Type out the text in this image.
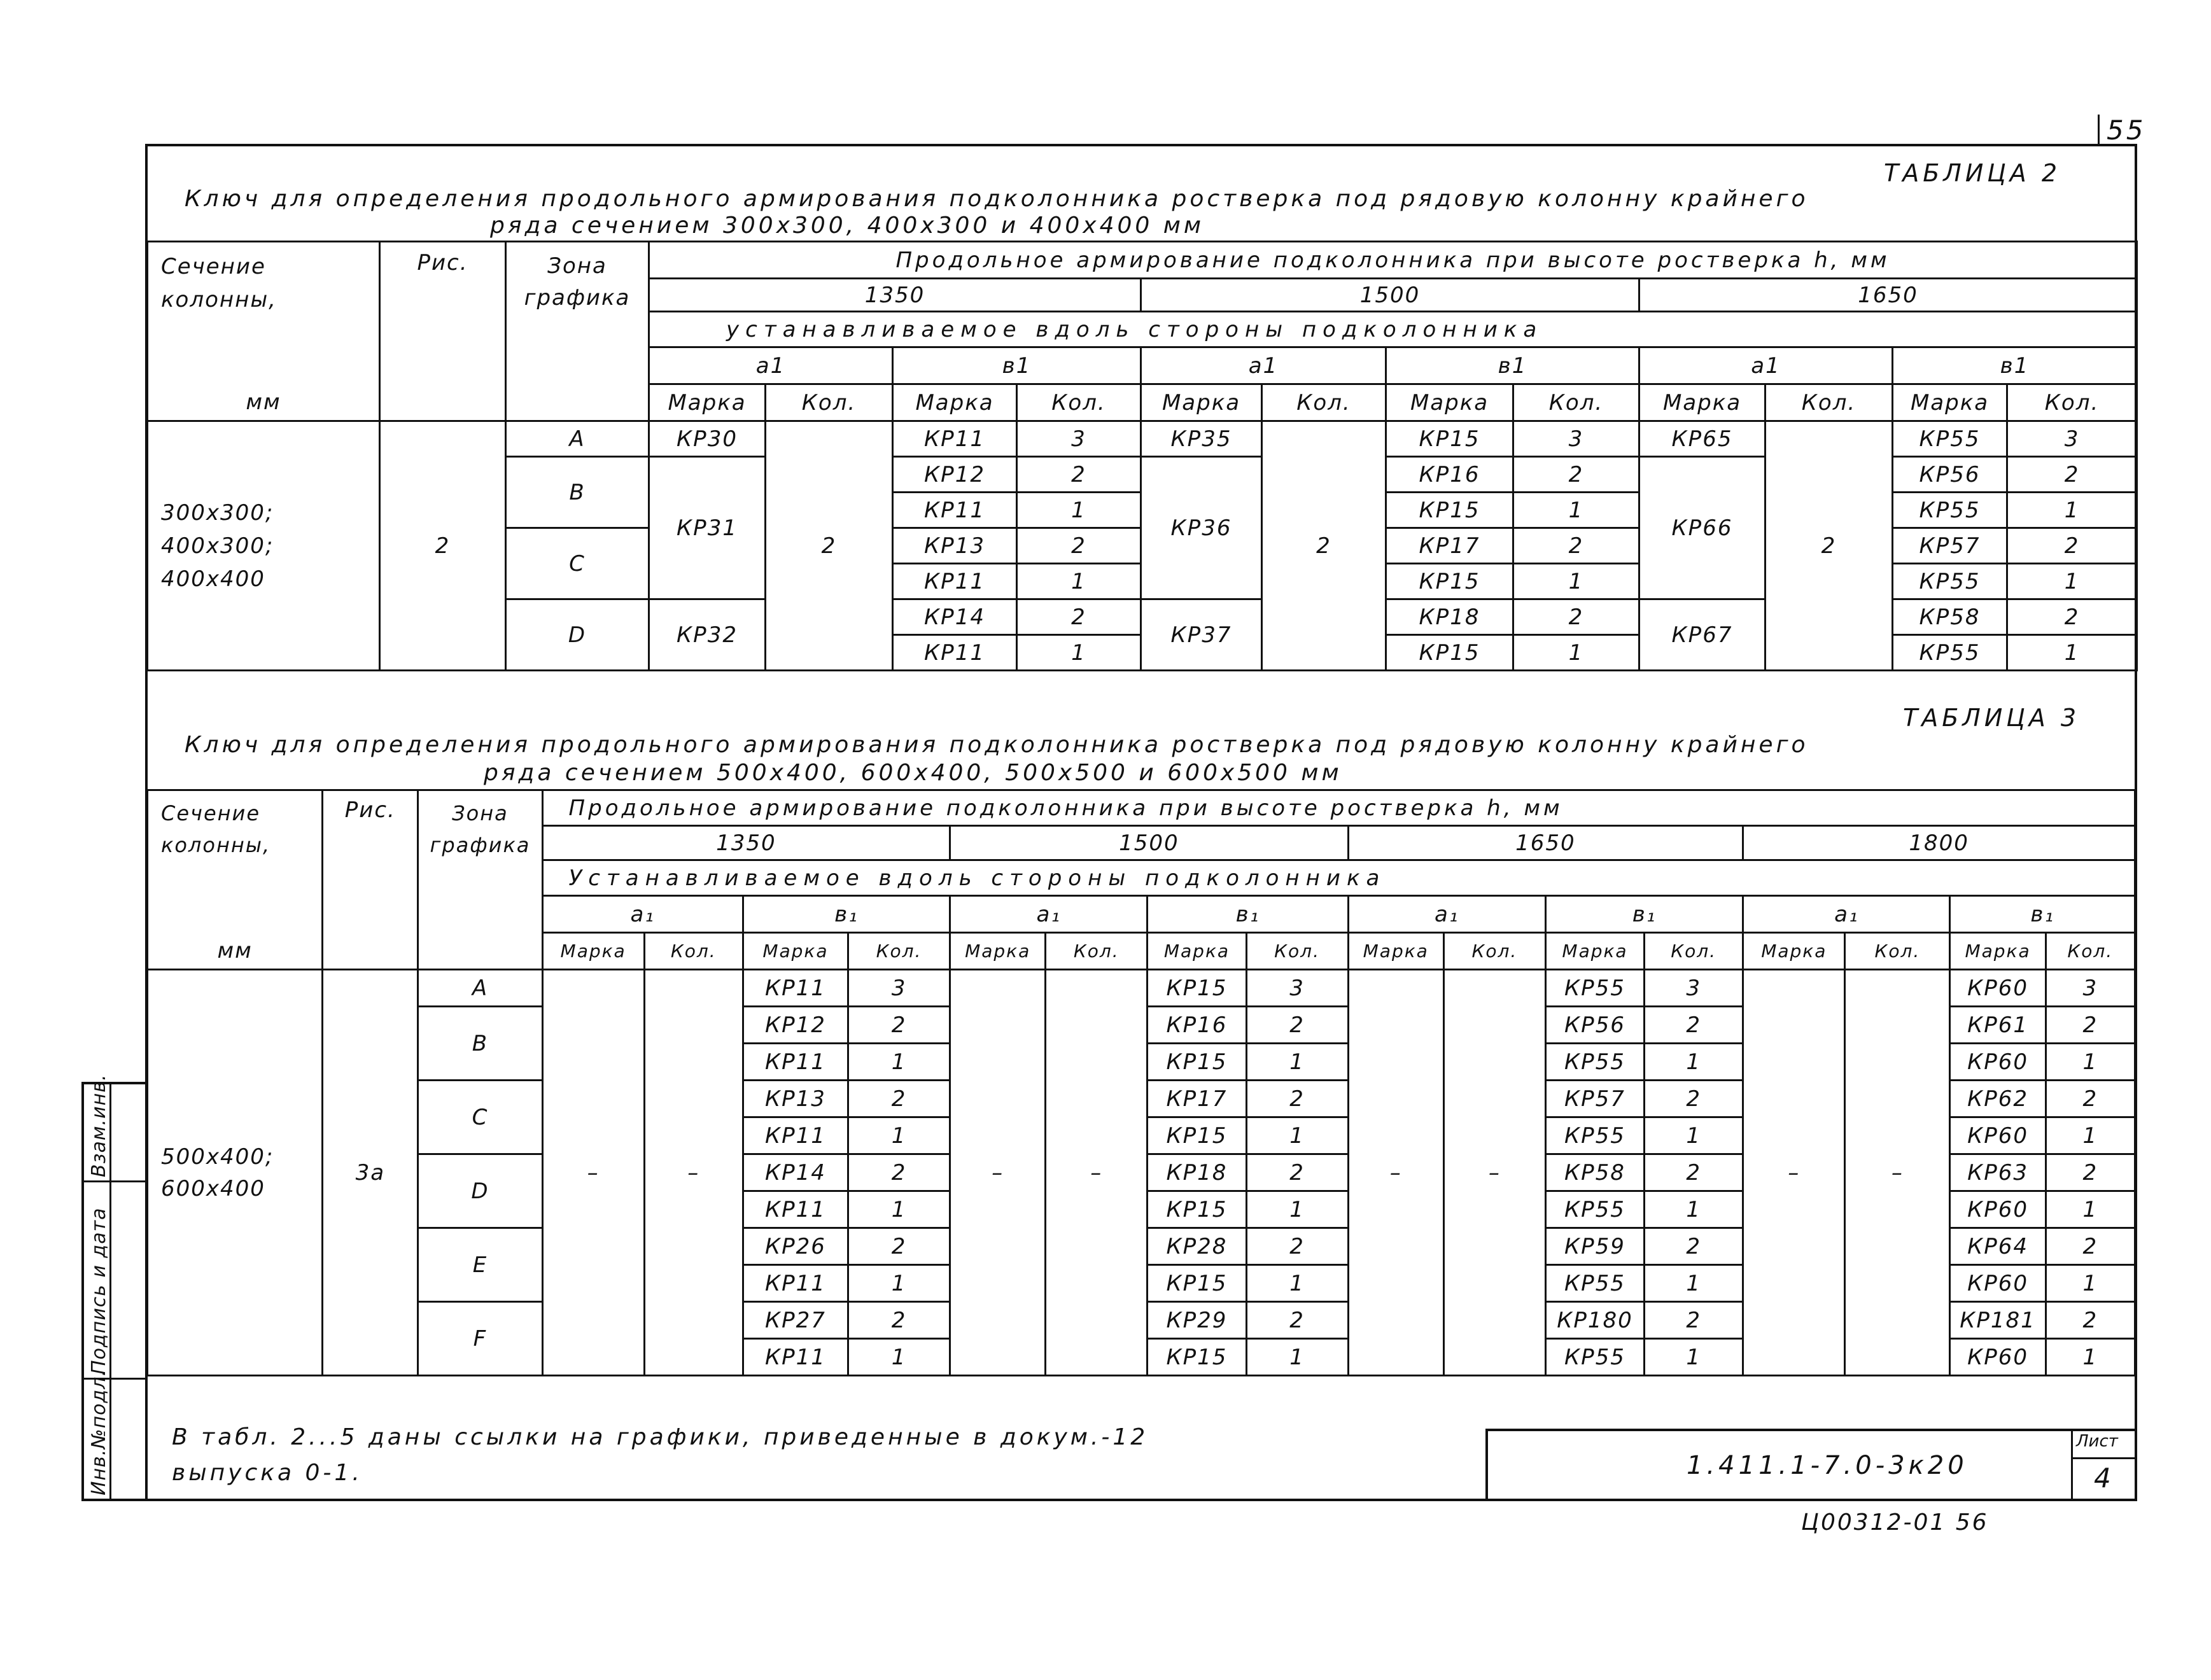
55
Инв.№подл.
Подпись и дата
Взам.инв.
ТАБЛИЦА 2
Ключ для определения продольного армирования подколонника ростверка под рядовую колонну крайнего
ряда сечением 300х300, 400х300 и 400х400 мм
Сечение колонны,	Рис.	Зона графика	Продольное армирование подколонника при высоте ростверка h, мм											
			1350				1500				1650			
			устанавливаемое вдоль стороны подколонника											
			a1		в1		a1		в1		a1		в1	
мм			Марка	Кол.	Марка	Кол.	Марка	Кол.	Марка	Кол.	Марка	Кол.	Марка	Кол.
300х300; 400х300; 400х400	2	A	КР30	2	КР11	3	КР35	2	КР15	3	КР65	2	КР55	3
		B	КР31		КР12	2	КР36		КР16	2	КР66		КР56	2
					КР11	1			КР15	1			КР55	1
		C			КР13	2			КР17	2			КР57	2
					КР11	1			КР15	1			КР55	1
		D	КР32		КР14	2	КР37		КР18	2	КР67		КР58	2
					КР11	1			КР15	1			КР55	1
ТАБЛИЦА 3
Ключ для определения продольного армирования подколонника ростверка под рядовую колонну крайнего
ряда сечением 500х400, 600х400, 500х500 и 600х500 мм
Сечение колонны,	Рис.	Зона графика	Продольное армирование подколонника при высоте ростверка h, мм															
			1350				1500				1650				1800			
			Устанавливаемое вдоль стороны подколонника															
			a₁		в₁		a₁		в₁		a₁		в₁		a₁		в₁	
мм			Марка	Кол.	Марка	Кол.	Марка	Кол.	Марка	Кол.	Марка	Кол.	Марка	Кол.	Марка	Кол.	Марка	Кол.
500х400; 600х400	3а	A	–	–	КР11	3	–	–	КР15	3	–	–	КР55	3	–	–	КР60	3
		B			КР12	2			КР16	2			КР56	2			КР61	2
					КР11	1			КР15	1			КР55	1			КР60	1
		C			КР13	2			КР17	2			КР57	2			КР62	2
					КР11	1			КР15	1			КР55	1			КР60	1
		D			КР14	2			КР18	2			КР58	2			КР63	2
					КР11	1			КР15	1			КР55	1			КР60	1
		E			КР26	2			КР28	2			КР59	2			КР64	2
					КР11	1			КР15	1			КР55	1			КР60	1
		F			КР27	2			КР29	2			КР180	2			КР181	2
					КР11	1			КР15	1			КР55	1			КР60	1
В табл. 2...5 даны ссылки на графики, приведенные в докум.-12
выпуска 0-1.	1.411.1-7.0-3к20
Лист
4
Ц00312-01 56
